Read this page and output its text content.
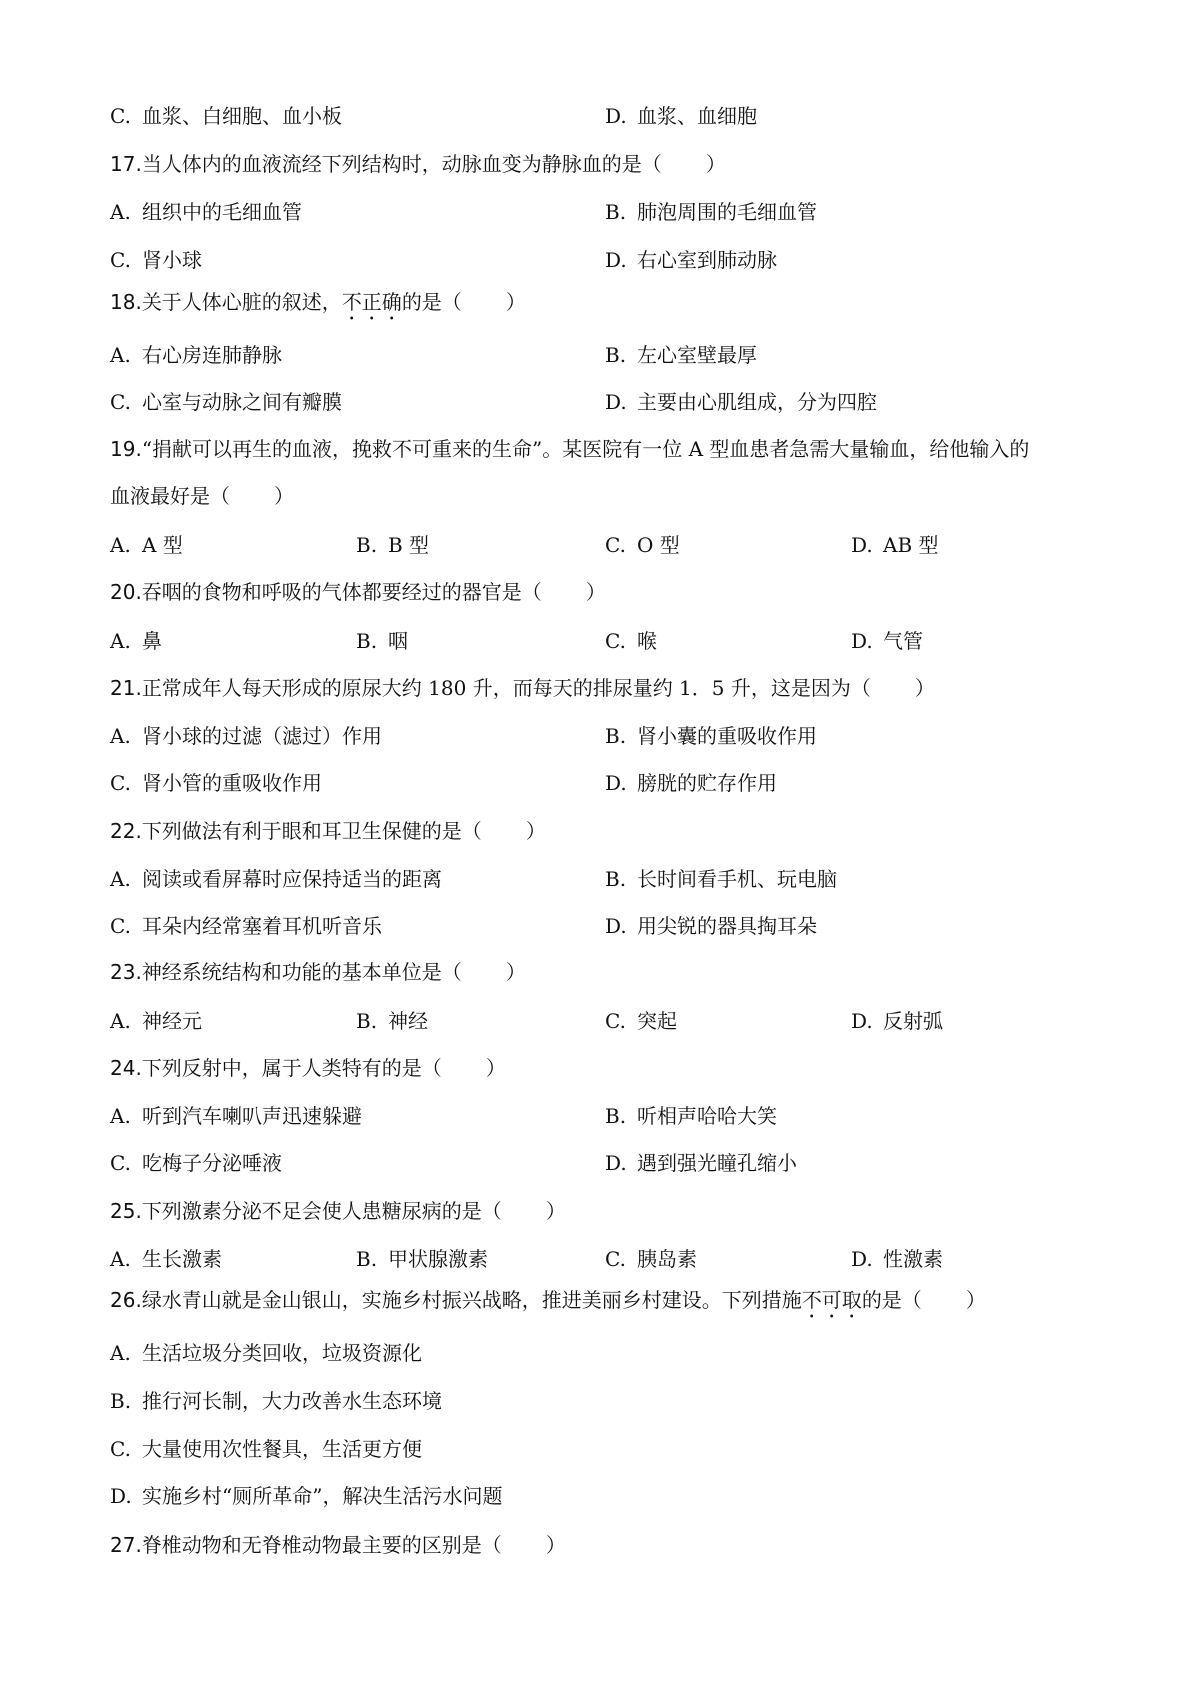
C. 血浆、白细胞、血小板	D. 血浆、血细胞
17.当人体内的血液流经下列结构时，动脉血变为静脉血的是（ ）
A. 组织中的毛细血管	B. 肺泡周围的毛细血管
C. 肾小球	D. 右心室到肺动脉
18.关于人体心脏的叙述，不正确的是（ ）
A. 右心房连肺静脉	B. 左心室壁最厚
C. 心室与动脉之间有瓣膜	D. 主要由心肌组成，分为四腔
19.“捐献可以再生的血液，挽救不可重来的生命”。某医院有一位 A 型血患者急需大量输血，给他输入的
血液最好是（ ）
A. A 型	B. B 型	C. O 型	D. AB 型
20.吞咽的食物和呼吸的气体都要经过的器官是（ ）
A. 鼻	B. 咽	C. 喉	D. 气管
21.正常成年人每天形成的原尿大约 180 升，而每天的排尿量约 1．5 升，这是因为（ ）
A. 肾小球的过滤（滤过）作用	B. 肾小囊的重吸收作用
C. 肾小管的重吸收作用	D. 膀胱的贮存作用
22.下列做法有利于眼和耳卫生保健的是（ ）
A. 阅读或看屏幕时应保持适当的距离	B. 长时间看手机、玩电脑
C. 耳朵内经常塞着耳机听音乐	D. 用尖锐的器具掏耳朵
23.神经系统结构和功能的基本单位是（ ）
A. 神经元	B. 神经	C. 突起	D. 反射弧
24.下列反射中，属于人类特有的是（ ）
A. 听到汽车喇叭声迅速躲避	B. 听相声哈哈大笑
C. 吃梅子分泌唾液	D. 遇到强光瞳孔缩小
25.下列激素分泌不足会使人患糖尿病的是（ ）
A. 生长激素	B. 甲状腺激素	C. 胰岛素	D. 性激素
26.绿水青山就是金山银山，实施乡村振兴战略，推进美丽乡村建设。下列措施不可取的是（ ）
A. 生活垃圾分类回收，垃圾资源化
B. 推行河长制，大力改善水生态环境
C. 大量使用次性餐具，生活更方便
D. 实施乡村“厕所革命”，解决生活污水问题
27.脊椎动物和无脊椎动物最主要的区别是（ ）
